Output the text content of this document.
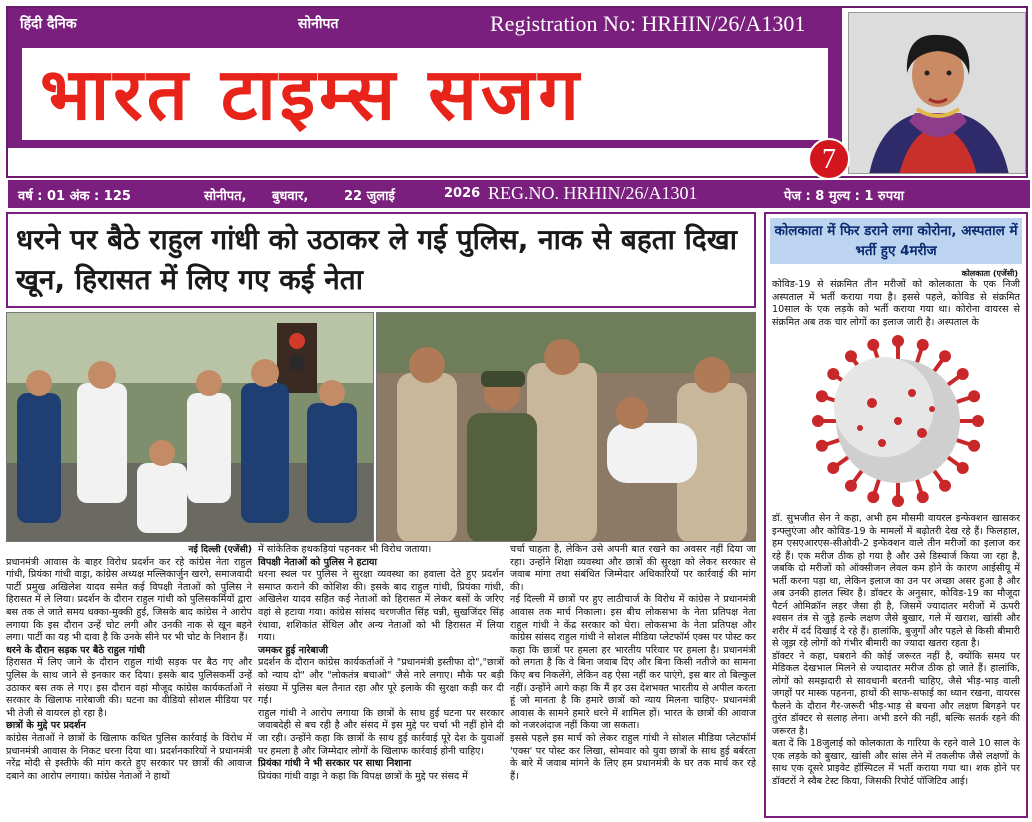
हिंदी दैनिक	सोनीपत	Registration No: HRHIN/26/A1301
भारत टाइम्स सजग
7
वर्ष : 01 अंक : 125	सोनीपत, बुधवार,	22 जुलाई	2026 REG.NO. HRHIN/26/A1301	पेज : 8 मुल्य : 1 रुपया
धरने पर बैठे राहुल गांधी को उठाकर ले गई पुलिस, नाक से बहता दिखा खून, हिरासत में लिए गए कई नेता
नई दिल्ली (एजेंसी)

प्रधानमंत्री आवास के बाहर विरोध प्रदर्शन कर रहे कांग्रेस नेता राहुल गांधी, प्रियंका गांधी वाड्रा, कांग्रेस अध्यक्ष मल्लिकार्जुन खरगे, समाजवादी पार्टी प्रमुख अखिलेश यादव समेत कई विपक्षी नेताओं को पुलिस ने हिरासत में ले लिया। प्रदर्शन के दौरान राहुल गांधी को पुलिसकर्मियों द्वारा बस तक ले जाते समय धक्का-मुक्की हुई, जिसके बाद कांग्रेस ने आरोप लगाया कि इस दौरान उन्हें चोट लगी और उनकी नाक से खून बहने लगा। पार्टी का यह भी दावा है कि उनके सीने पर भी चोट के निशान हैं।

धरने के दौरान सड़क पर बैठे राहुल गांधी

हिरासत में लिए जाने के दौरान राहुल गांधी सड़क पर बैठ गए और पुलिस के साथ जाने से इनकार कर दिया। इसके बाद पुलिसकर्मी उन्हें उठाकर बस तक ले गए। इस दौरान वहां मौजूद कांग्रेस कार्यकर्ताओं ने सरकार के खिलाफ नारेबाजी की। घटना का वीडियो सोशल मीडिया पर भी तेजी से वायरल हो रहा है।

छात्रों के मुद्दे पर प्रदर्शन

कांग्रेस नेताओं ने छात्रों के खिलाफ कथित पुलिस कार्रवाई के विरोध में प्रधानमंत्री आवास के निकट धरना दिया था। प्रदर्शनकारियों ने प्रधानमंत्री नरेंद्र मोदी से इस्तीफे की मांग करते हुए सरकार पर छात्रों की आवाज दबाने का आरोप लगाया। कांग्रेस नेताओं ने हाथों

में सांकेतिक हथकड़ियां पहनकर भी विरोध जताया।

विपक्षी नेताओं को पुलिस ने हटाया

धरना स्थल पर पुलिस ने सुरक्षा व्यवस्था का हवाला देते हुए प्रदर्शन समाप्त कराने की कोशिश की। इसके बाद राहुल गांधी, प्रियंका गांधी, अखिलेश यादव सहित कई नेताओं को हिरासत में लेकर बसों के जरिए वहां से हटाया गया। कांग्रेस सांसद चरणजीत सिंह चन्नी, सुखजिंदर सिंह रंधावा, शशिकांत सेंथिल और अन्य नेताओं को भी हिरासत में लिया गया।

जमकर हुई नारेबाजी

प्रदर्शन के दौरान कांग्रेस कार्यकर्ताओं ने "प्रधानमंत्री इस्तीफा दो","छात्रों को न्याय दो" और "लोकतंत्र बचाओ" जैसे नारे लगाए। मौके पर बड़ी संख्या में पुलिस बल तैनात रहा और पूरे इलाके की सुरक्षा कड़ी कर दी गई।

राहुल गांधी ने आरोप लगाया कि छात्रों के साथ हुई घटना पर सरकार जवाबदेही से बच रही है और संसद में इस मुद्दे पर चर्चा भी नहीं होने दी जा रही। उन्होंने कहा कि छात्रों के साथ हुई कार्रवाई पूरे देश के युवाओं पर हमला है और जिम्मेदार लोगों के खिलाफ कार्रवाई होनी चाहिए।

प्रियंका गांधी ने भी सरकार पर साधा निशाना

प्रियंका गांधी वाड्रा ने कहा कि विपक्ष छात्रों के मुद्दे पर संसद में

चर्चा चाहता है, लेकिन उसे अपनी बात रखने का अवसर नहीं दिया जा रहा। उन्होंने शिक्षा व्यवस्था और छात्रों की सुरक्षा को लेकर सरकार से जवाब मांगा तथा संबंधित जिम्मेदार अधिकारियों पर कार्रवाई की मांग की।

नई दिल्ली में छात्रों पर हुए लाठीचार्ज के विरोध में कांग्रेस ने प्रधानमंत्री आवास तक मार्च निकाला। इस बीच लोकसभा के नेता प्रतिपक्ष नेता राहुल गांधी ने केंद्र सरकार को घेरा। लोकसभा के नेता प्रतिपक्ष और कांग्रेस सांसद राहुल गांधी ने सोशल मीडिया प्लेटफॉर्म एक्स पर पोस्ट कर कहा कि छात्रों पर हमला हर भारतीय परिवार पर हमला है। प्रधानमंत्री को लगता है कि वे बिना जवाब दिए और बिना किसी नतीजे का सामना किए बच निकलेंगे, लेकिन वह ऐसा नहीं कर पाएंगे, इस बार तो बिल्कुल नहीं। उन्होंने आगे कहा कि मैं हर उस देशभक्त भारतीय से अपील करता हूं जो मानता है कि हमारे छात्रों को न्याय मिलना चाहिए- प्रधानमंत्री आवास के सामने हमारे धरने में शामिल हों। भारत के छात्रों की आवाज को नजरअंदाज नहीं किया जा सकता।

इससे पहले इस मार्च को लेकर राहुल गांधी ने सोशल मीडिया प्लेटफॉर्म 'एक्स' पर पोस्ट कर लिखा, सोमवार को युवा छात्रों के साथ हुई बर्बरता के बारे में जवाब मांगने के लिए हम प्रधानमंत्री के घर तक मार्च कर रहे हैं।

कोलकाता में फिर डराने लगा कोरोना, अस्पताल में भर्ती हुए 4मरीज
कोलकाता (एजेंसी)

कोविड-19 से संक्रमित तीन मरीजों को कोलकाता के एक निजी अस्पताल में भर्ती कराया गया है। इससे पहले, कोविड से संक्रमित 10साल के एक लड़के को भर्ती कराया गया था। कोरोना वायरस से संक्रमित अब तक चार लोगों का इलाज जारी है। अस्पताल के

डॉ. सुभजीत सेन ने कहा, अभी हम मौसमी वायरल इन्फेक्शन खासकर इन्फ्लुएंजा और कोविड-19 के मामलों में बढ़ोतरी देख रहे हैं। फिलहाल, हम एसएआरएस-सीओवी-2 इन्फेक्शन वाले तीन मरीजों का इलाज कर रहे हैं। एक मरीज ठीक हो गया है और उसे डिस्चार्ज किया जा रहा है, जबकि दो मरीजों को ऑक्सीजन लेवल कम होने के कारण आईसीयू में भर्ती करना पड़ा था, लेकिन इलाज का उन पर अच्छा असर हुआ है और अब उनकी हालत स्थिर है। डॉक्टर के अनुसार, कोविड-19 का मौजूदा पैटर्न ओमिक्रॉन लहर जैसा ही है, जिसमें ज्यादातर मरीजों में ऊपरी श्वसन तंत्र से जुड़े हल्के लक्षण जैसे बुखार, गले में खराश, खांसी और शरीर में दर्द दिखाई दे रहे हैं। हालांकि, बुजुर्गों और पहले से किसी बीमारी से जूझ रहे लोगों को गंभीर बीमारी का ज्यादा खतरा रहता है।

डॉक्टर ने कहा, घबराने की कोई जरूरत नहीं है, क्योंकि समय पर मेडिकल देखभाल मिलने से ज्यादातर मरीज ठीक हो जाते हैं। हालांकि, लोगों को समझदारी से सावधानी बरतनी चाहिए, जैसे भीड़-भाड़ वाली जगहों पर मास्क पहनना, हाथों की साफ-सफाई का ध्यान रखना, वायरस फैलने के दौरान गैर-जरूरी भीड़-भाड़ से बचना और लक्षण बिगड़ने पर तुरंत डॉक्टर से सलाह लेना। अभी डरने की नहीं, बल्कि सतर्क रहने की जरूरत है।

बता दें कि 18जुलाई को कोलकाता के गारिया के रहने वाले 10 साल के एक लड़के को बुखार, खांसी और सांस लेने में तकलीफ जैसे लक्षणों के साथ एक दूसरे प्राइवेट हॉस्पिटल में भर्ती कराया गया था। शक होने पर डॉक्टरों ने स्वैब टेस्ट किया, जिसकी रिपोर्ट पॉजिटिव आई।
